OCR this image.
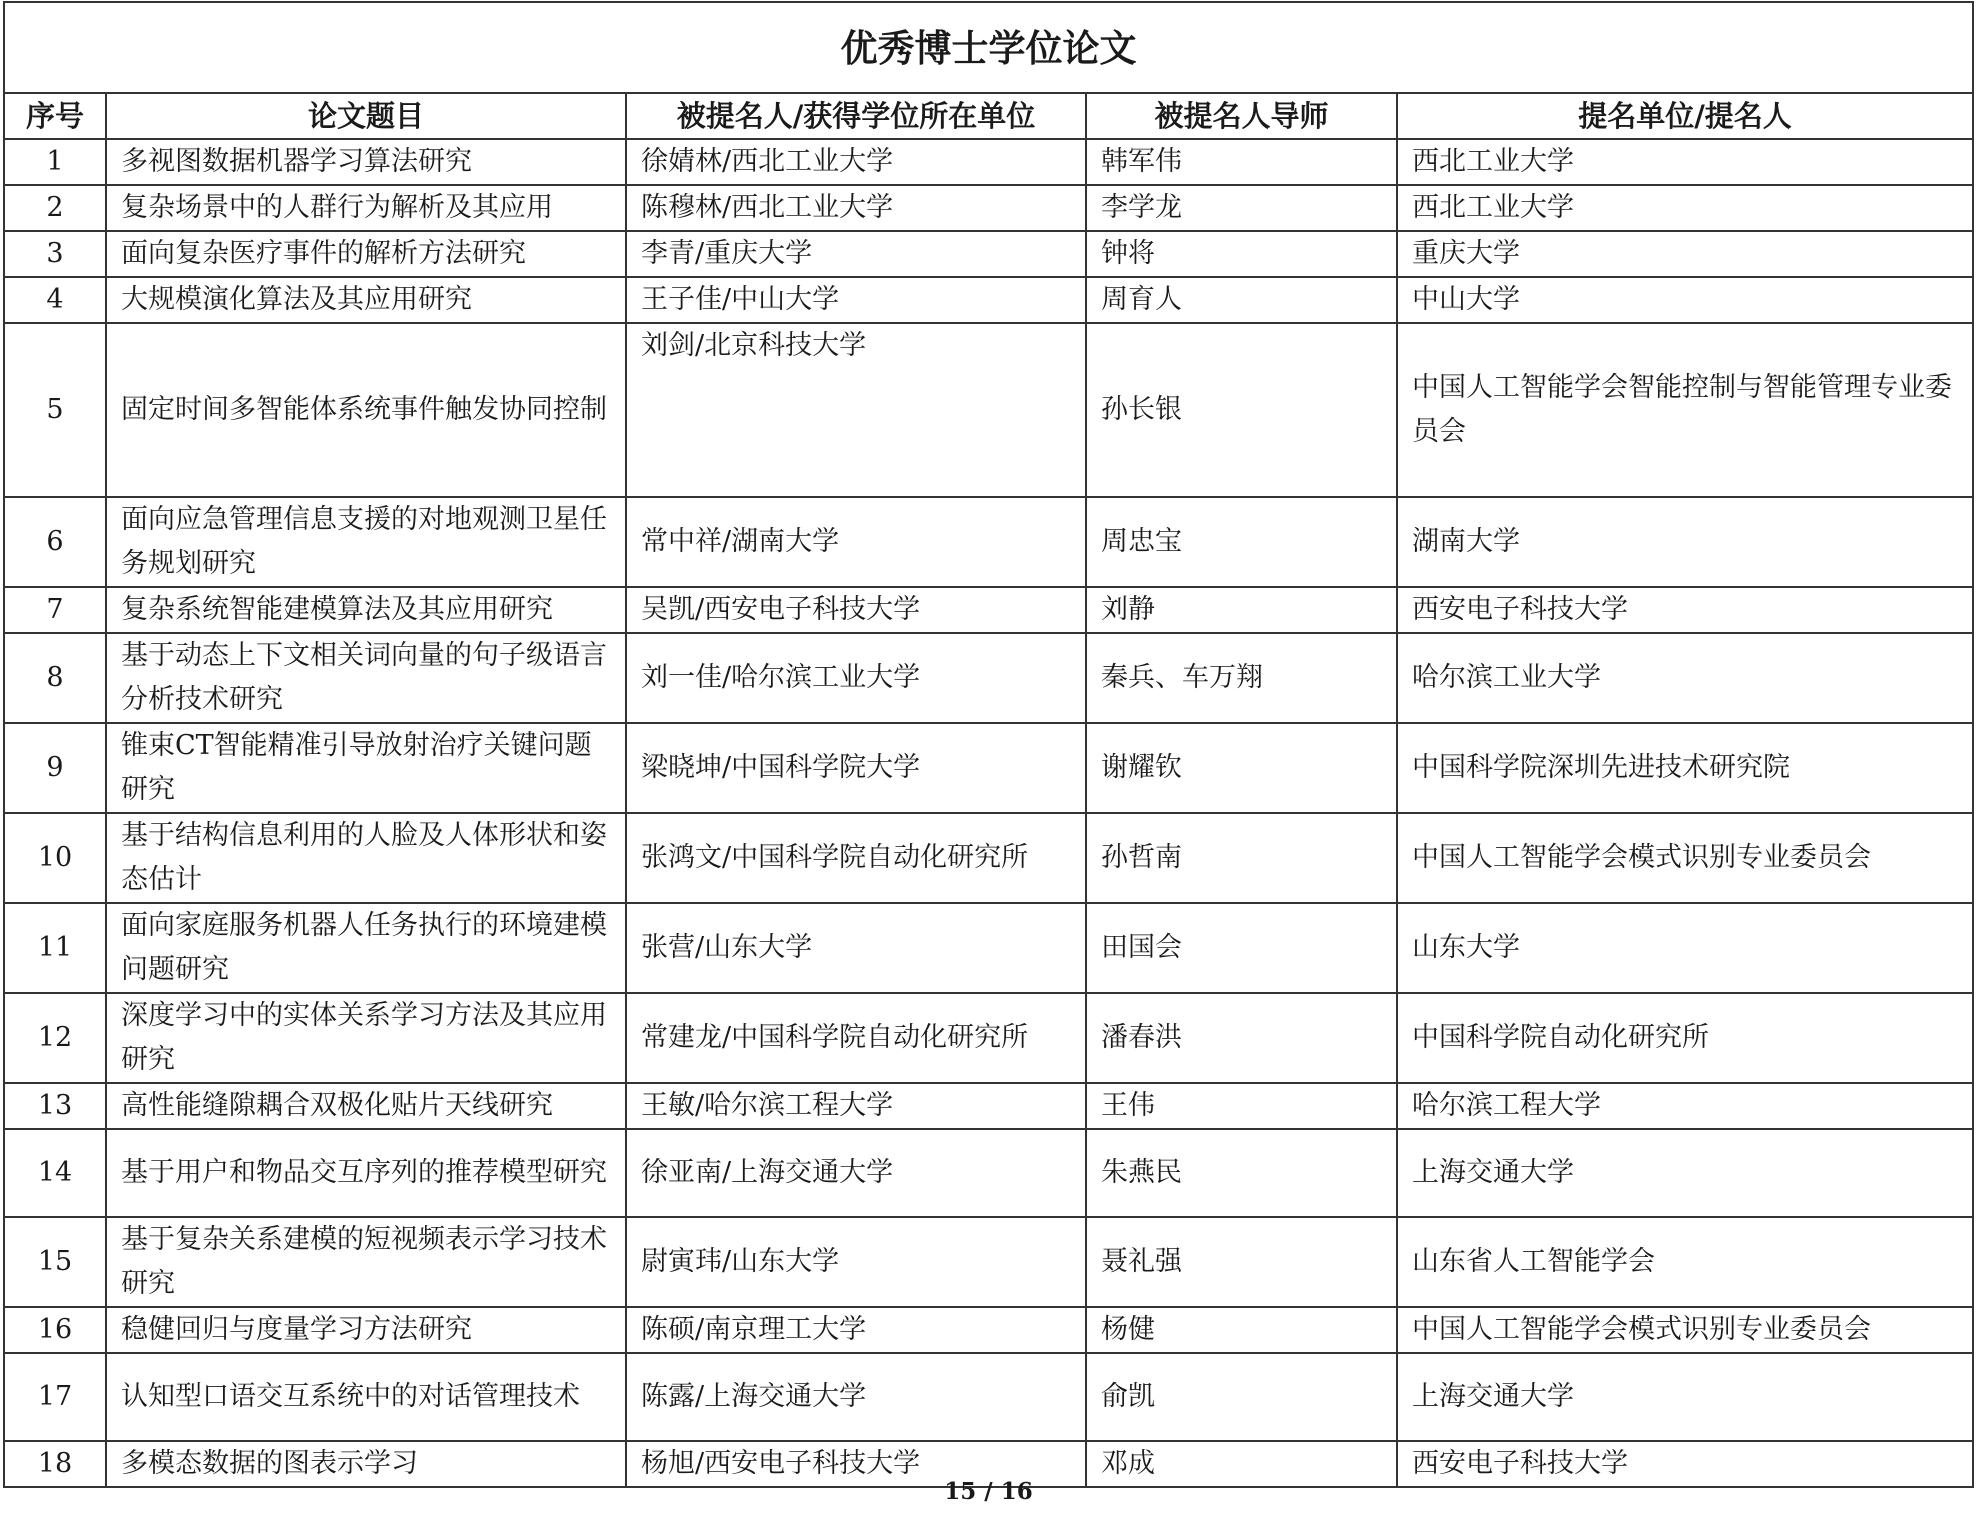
优秀博士学位论文				
序号	论文题目	被提名人/获得学位所在单位	被提名人导师	提名单位/提名人
1	多视图数据机器学习算法研究	徐婧林/西北工业大学	韩军伟	西北工业大学
2	复杂场景中的人群行为解析及其应用	陈穆林/西北工业大学	李学龙	西北工业大学
3	面向复杂医疗事件的解析方法研究	李青/重庆大学	钟将	重庆大学
4	大规模演化算法及其应用研究	王子佳/中山大学	周育人	中山大学
5	固定时间多智能体系统事件触发协同控制	刘剑/北京科技大学	孙长银	中国人工智能学会智能控制与智能管理专业委员会
6	面向应急管理信息支援的对地观测卫星任务规划研究	常中祥/湖南大学	周忠宝	湖南大学
7	复杂系统智能建模算法及其应用研究	吴凯/西安电子科技大学	刘静	西安电子科技大学
8	基于动态上下文相关词向量的句子级语言分析技术研究	刘一佳/哈尔滨工业大学	秦兵、车万翔	哈尔滨工业大学
9	锥束CT智能精准引导放射治疗关键问题研究	梁晓坤/中国科学院大学	谢耀钦	中国科学院深圳先进技术研究院
10	基于结构信息利用的人脸及人体形状和姿态估计	张鸿文/中国科学院自动化研究所	孙哲南	中国人工智能学会模式识别专业委员会
11	面向家庭服务机器人任务执行的环境建模问题研究	张营/山东大学	田国会	山东大学
12	深度学习中的实体关系学习方法及其应用研究	常建龙/中国科学院自动化研究所	潘春洪	中国科学院自动化研究所
13	高性能缝隙耦合双极化贴片天线研究	王敏/哈尔滨工程大学	王伟	哈尔滨工程大学
14	基于用户和物品交互序列的推荐模型研究	徐亚南/上海交通大学	朱燕民	上海交通大学
15	基于复杂关系建模的短视频表示学习技术研究	尉寅玮/山东大学	聂礼强	山东省人工智能学会
16	稳健回归与度量学习方法研究	陈硕/南京理工大学	杨健	中国人工智能学会模式识别专业委员会
17	认知型口语交互系统中的对话管理技术	陈露/上海交通大学	俞凯	上海交通大学
18	多模态数据的图表示学习	杨旭/西安电子科技大学	邓成	西安电子科技大学
15 / 16
